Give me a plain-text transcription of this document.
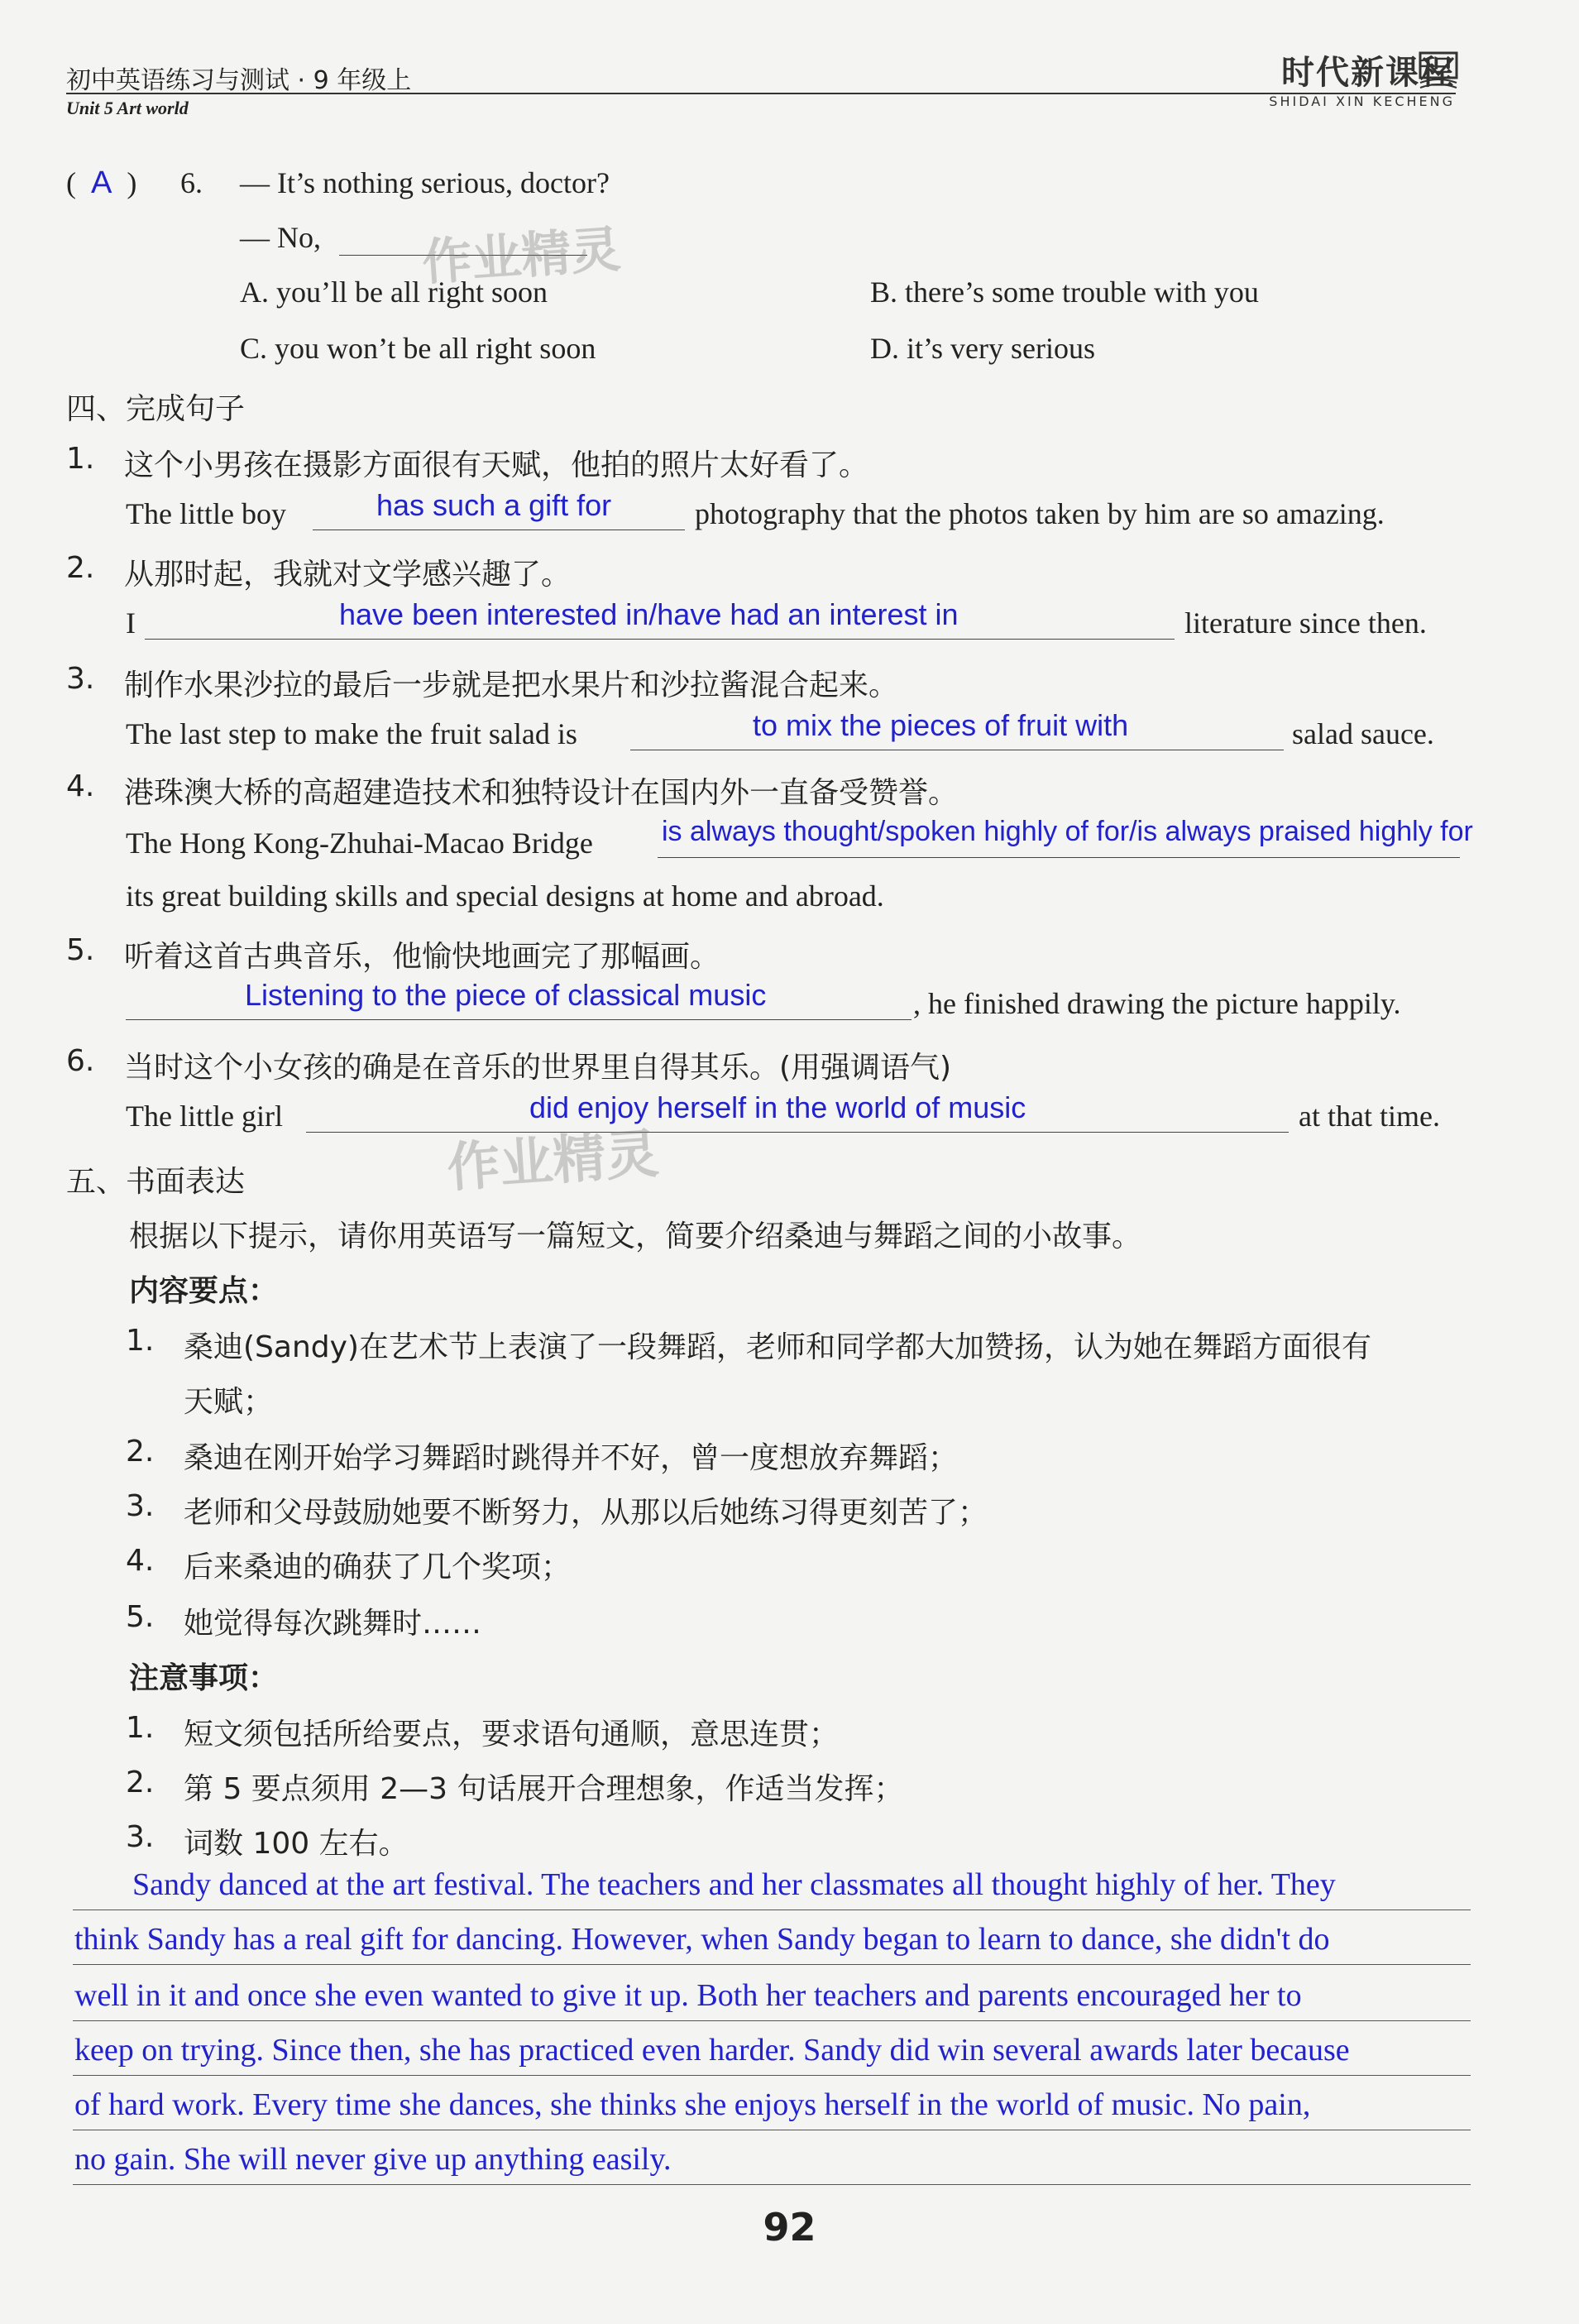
初中英语练习与测试 · 9 年级上
Unit 5 Art world
时代新课程
SHIDAI XIN KECHENG
(  A  ) 6. — It’s nothing serious, doctor?
— No,
A. you’ll be all right soon	B. there’s some trouble with you
C. you won’t be all right soon	D. it’s very serious
作业精灵
四、完成句子
1. 这个小男孩在摄影方面很有天赋，他拍的照片太好看了。
The little boy	has such a gift for	photography that the photos taken by him are so amazing.
2. 从那时起，我就对文学感兴趣了。
I	have been interested in/have had an interest in	literature since then.
3. 制作水果沙拉的最后一步就是把水果片和沙拉酱混合起来。
The last step to make the fruit salad is	to mix the pieces of fruit with	salad sauce.
4. 港珠澳大桥的高超建造技术和独特设计在国内外一直备受赞誉。
The Hong Kong-Zhuhai-Macao Bridge is always thought/spoken highly of for/is always praised highly for
its great building skills and special designs at home and abroad.
5. 听着这首古典音乐，他愉快地画完了那幅画。
Listening to the piece of classical music	, he finished drawing the picture happily.
6. 当时这个小女孩的确是在音乐的世界里自得其乐。(用强调语气)
The little girl	did enjoy herself in the world of music	at that time.
作业精灵
五、书面表达
根据以下提示，请你用英语写一篇短文，简要介绍桑迪与舞蹈之间的小故事。
内容要点：
1. 桑迪(Sandy)在艺术节上表演了一段舞蹈，老师和同学都大加赞扬，认为她在舞蹈方面很有
天赋；
2. 桑迪在刚开始学习舞蹈时跳得并不好，曾一度想放弃舞蹈；
3. 老师和父母鼓励她要不断努力，从那以后她练习得更刻苦了；
4. 后来桑迪的确获了几个奖项；
5. 她觉得每次跳舞时……
注意事项：
1. 短文须包括所给要点，要求语句通顺，意思连贯；
2. 第 5 要点须用 2—3 句话展开合理想象，作适当发挥；
3. 词数 100 左右。
Sandy danced at the art festival. The teachers and her classmates all thought highly of her. They
think Sandy has a real gift for dancing. However, when Sandy began to learn to dance, she didn't do
well in it and once she even wanted to give it up. Both her teachers and parents encouraged her to
keep on trying. Since then, she has practiced even harder. Sandy did win several awards later because
of hard work. Every time she dances, she thinks she enjoys herself in the world of music. No pain,
no gain. She will never give up anything easily.
92
